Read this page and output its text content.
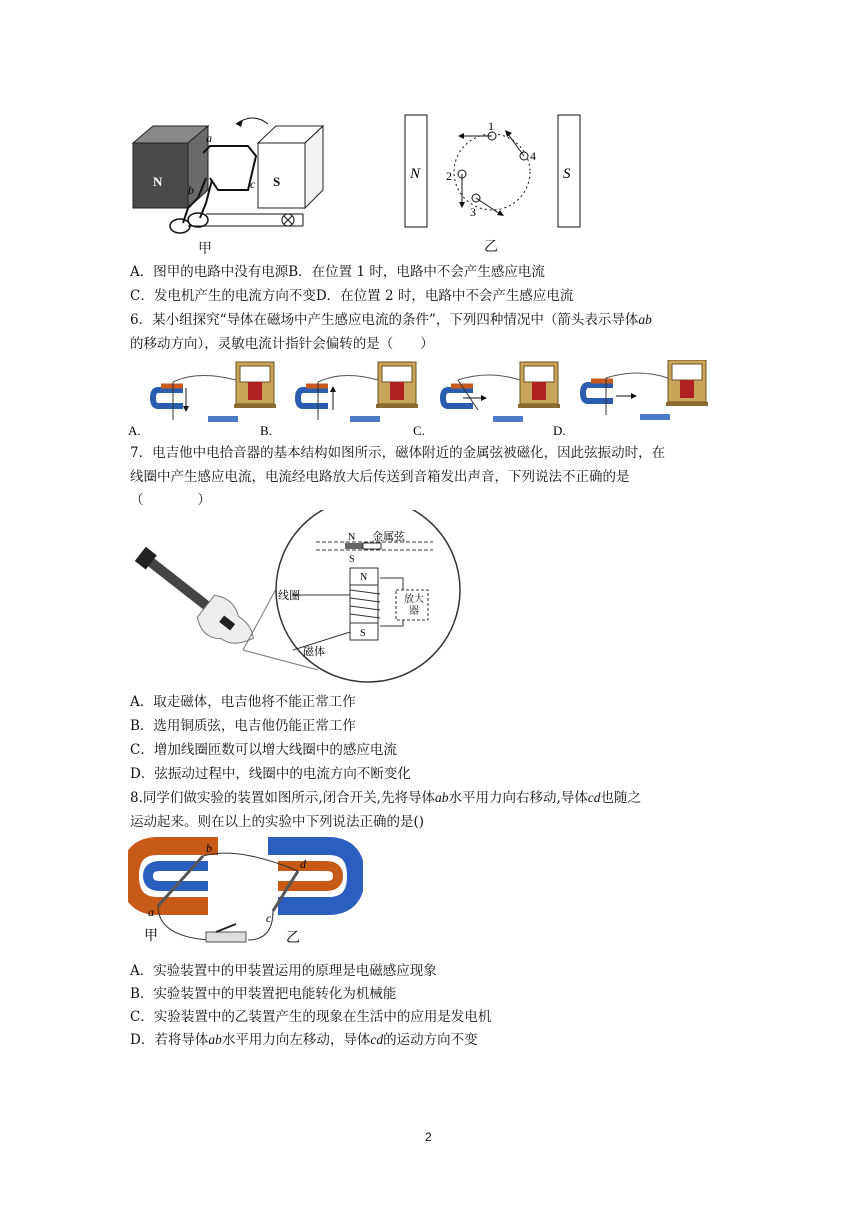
N	S
a
b	c
甲
N	S
1
4
2
3
乙
A．图甲的电路中没有电源B．在位置 1 时，电路中不会产生感应电流
C．发电机产生的电流方向不变D．在位置 2 时，电路中不会产生感应电流
6．某小组探究“导体在磁场中产生感应电流的条件”，下列四种情况中（箭头表示导体ab
的移动方向），灵敏电流计指针会偏转的是（　　）
A.	B.	C.	D.
7．电吉他中电拾音器的基本结构如图所示，磁体附近的金属弦被磁化，因此弦振动时，在
线圈中产生感应电流，电流经电路放大后传送到音箱发出声音，下列说法不正确的是
（　　　　）
N
S
N
S
线圈
磁体
金属弦
放大器
A．取走磁体，电吉他将不能正常工作
B．选用铜质弦，电吉他仍能正常工作
C．增加线圈匝数可以增大线圈中的感应电流
D．弦振动过程中，线圈中的电流方向不断变化
8.同学们做实验的装置如图所示,闭合开关,先将导体ab水平用力向右移动,导体cd也随之
运动起来。则在以上的实验中下列说法正确的是()
b
a
d
c
甲	乙
A．实验装置中的甲装置运用的原理是电磁感应现象
B．实验装置中的甲装置把电能转化为机械能
C．实验装置中的乙装置产生的现象在生活中的应用是发电机
D．若将导体ab水平用力向左移动，导体cd的运动方向不变
2
